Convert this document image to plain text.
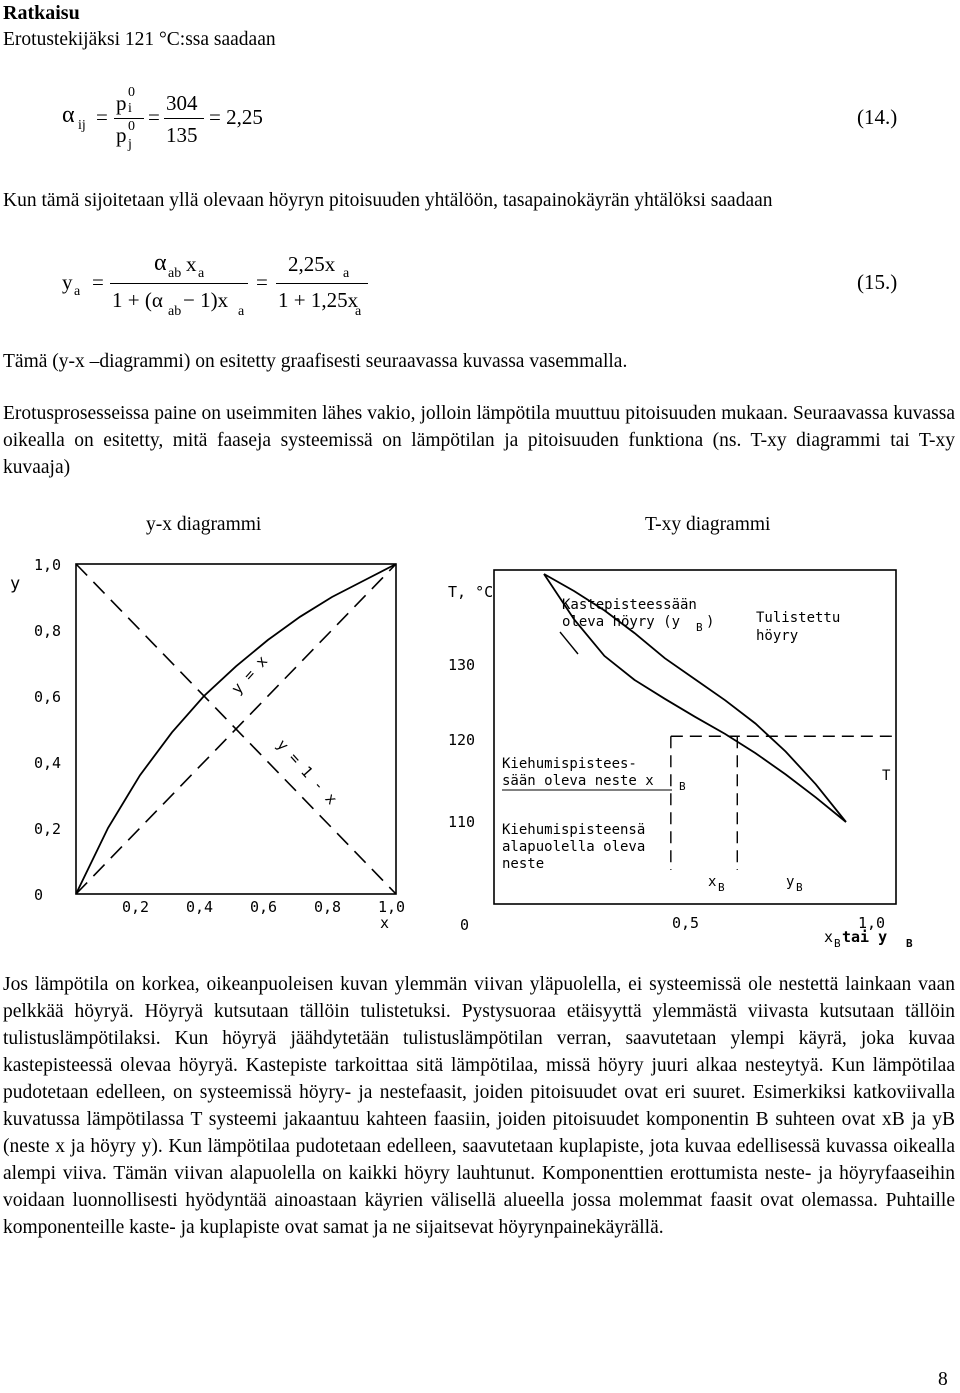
Ratkaisu
Erotustekijäksi 121 °C:ssa saadaan
α ij =
p 0
i
p 0
j
=
304
135
= 2,25	(14.)
Kun tämä sijoitetaan yllä olevaan höyryn pitoisuuden yhtälöön, tasapainokäyrän yhtälöksi saadaan
y a =
α ab x a
1 + (α ab − 1)x a
=
2,25x a
1 + 1,25x
a
(15.)
Tämä (y-x –diagrammi) on esitetty graafisesti seuraavassa kuvassa vasemmalla.

Erotusprosesseissa paine on useimmiten lähes vakio, jolloin lämpötila muuttuu pitoisuuden mukaan. Seuraavassa kuvassa oikealla on esitetty, mitä faaseja systeemissä on lämpötilan ja pitoisuuden funktiona (ns. T-xy diagrammi tai T-xy kuvaaja)

y-x diagrammi	T-xy diagrammi
1,0
0,8
0,6
0,4
0,2
0
0,2 0,4 0,6 0,8 1,0
y
x
y = x
y = 1 - x
130
120
110
0	0,5	1,0
T, °C
Kastepisteessään
oleva höyry (y B )	Tulistettu
höyry
Kiehumispistees-
sään oleva neste x B
Kiehumispisteensä
alapuolella oleva
neste
T
x B	y B
x B tai y B

Jos lämpötila on korkea, oikeanpuoleisen kuvan ylemmän viivan yläpuolella, ei systeemissä ole nestettä lainkaan vaan pelkkää höyryä. Höyryä kutsutaan tällöin tulistetuksi. Pystysuoraa etäisyyttä ylemmästä viivasta kutsutaan tällöin tulistuslämpötilaksi. Kun höyryä jäähdytetään tulistuslämpötilan verran, saavutetaan ylempi käyrä, joka kuvaa kastepisteessä olevaa höyryä. Kastepiste tarkoittaa sitä lämpötilaa, missä höyry juuri alkaa nesteytyä. Kun lämpötilaa pudotetaan edelleen, on systeemissä höyry- ja nestefaasit, joiden pitoisuudet ovat eri suuret. Esimerkiksi katkoviivalla kuvatussa lämpötilassa T systeemi jakaantuu kahteen faasiin, joiden pitoisuudet komponentin B suhteen ovat xB ja yB (neste x ja höyry y). Kun lämpötilaa pudotetaan edelleen, saavutetaan kuplapiste, jota kuvaa edellisessä kuvassa oikealla alempi viiva. Tämän viivan alapuolella on kaikki höyry lauhtunut. Komponenttien erottumista neste- ja höyryfaaseihin voidaan luonnollisesti hyödyntää ainoastaan käyrien välisellä alueella jossa molemmat faasit ovat olemassa. Puhtaille komponenteille kaste- ja kuplapiste ovat samat ja ne sijaitsevat höyrynpainekäyrällä.

8
